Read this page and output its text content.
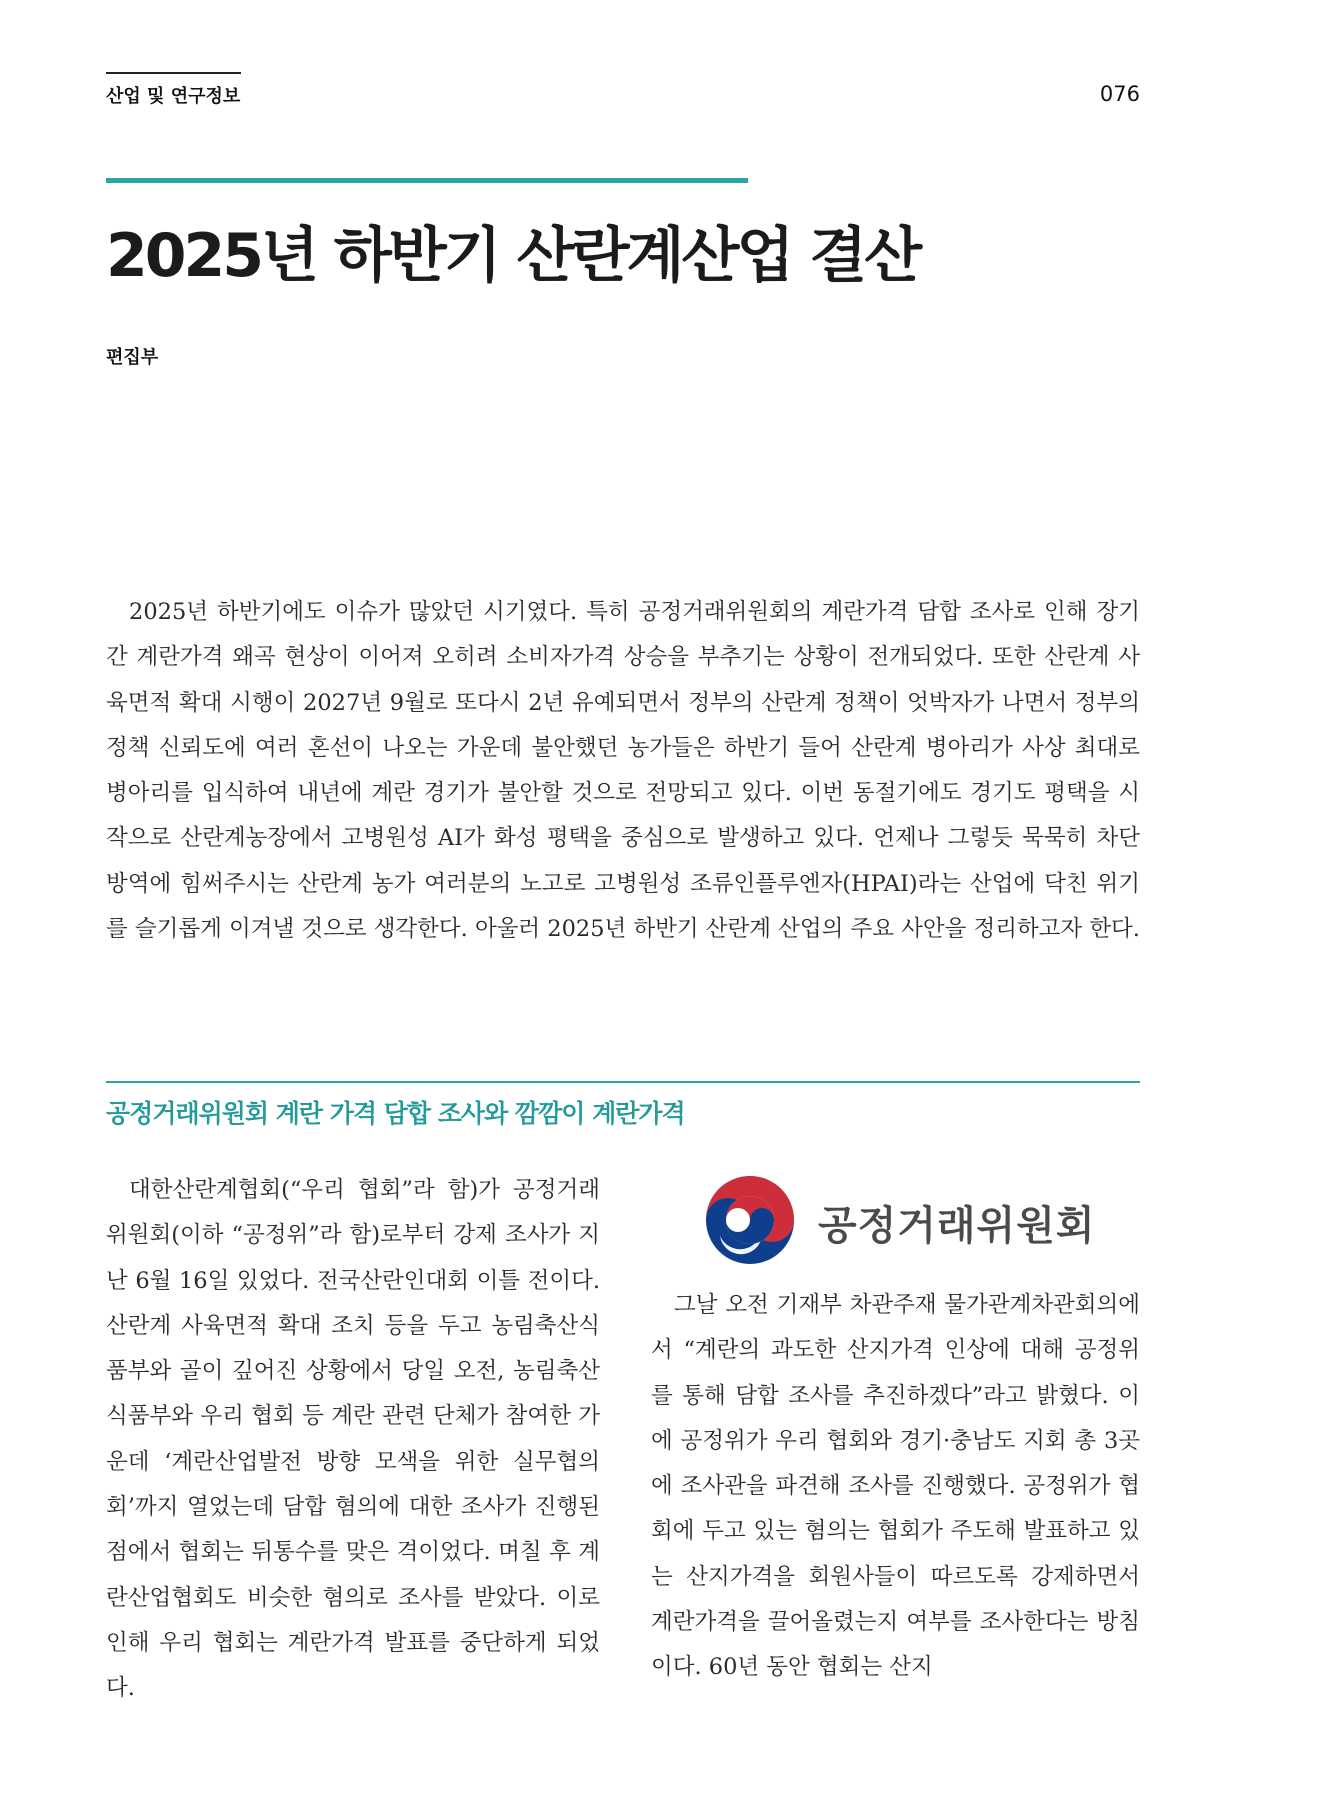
산업 및 연구정보	076
2025년 하반기 산란계산업 결산
편집부

2025년 하반기에도 이슈가 많았던 시기였다. 특히 공정거래위원회의 계란가격 담합 조사로 인해 장기간 계란가격 왜곡 현상이 이어져 오히려 소비자가격 상승을 부추기는 상황이 전개되었다. 또한 산란계 사육면적 확대 시행이 2027년 9월로 또다시 2년 유예되면서 정부의 산란계 정책이 엇박자가 나면서 정부의 정책 신뢰도에 여러 혼선이 나오는 가운데 불안했던 농가들은 하반기 들어 산란계 병아리가 사상 최대로 병아리를 입식하여 내년에 계란 경기가 불안할 것으로 전망되고 있다. 이번 동절기에도 경기도 평택을 시작으로 산란계농장에서 고병원성 AI가 화성 평택을 중심으로 발생하고 있다. 언제나 그렇듯 묵묵히 차단 방역에 힘써주시는 산란계 농가 여러분의 노고로 고병원성 조류인플루엔자(HPAI)라는 산업에 닥친 위기를 슬기롭게 이겨낼 것으로 생각한다. 아울러 2025년 하반기 산란계 산업의 주요 사안을 정리하고자 한다.

공정거래위원회 계란 가격 담합 조사와 깜깜이 계란가격

대한산란계협회(“우리 협회”라 함)가 공정거래위원회(이하 “공정위”라 함)로부터 강제 조사가 지난 6월 16일 있었다. 전국산란인대회 이틀 전이다. 산란계 사육면적 확대 조치 등을 두고 농림축산식품부와 골이 깊어진 상황에서 당일 오전, 농림축산식품부와 우리 협회 등 계란 관련 단체가 참여한 가운데 ‘계란산업발전 방향 모색을 위한 실무협의회’까지 열었는데 담합 혐의에 대한 조사가 진행된 점에서 협회는 뒤통수를 맞은 격이었다. 며칠 후 계란산업협회도 비슷한 혐의로 조사를 받았다. 이로 인해 우리 협회는 계란가격 발표를 중단하게 되었다.

공정거래위원회

그날 오전 기재부 차관주재 물가관계차관회의에서 “계란의 과도한 산지가격 인상에 대해 공정위를 통해 담합 조사를 추진하겠다”라고 밝혔다. 이에 공정위가 우리 협회와 경기·충남도 지회 총 3곳에 조사관을 파견해 조사를 진행했다. 공정위가 협회에 두고 있는 혐의는 협회가 주도해 발표하고 있는 산지가격을 회원사들이 따르도록 강제하면서 계란가격을 끌어올렸는지 여부를 조사한다는 방침이다. 60년 동안 협회는 산지
